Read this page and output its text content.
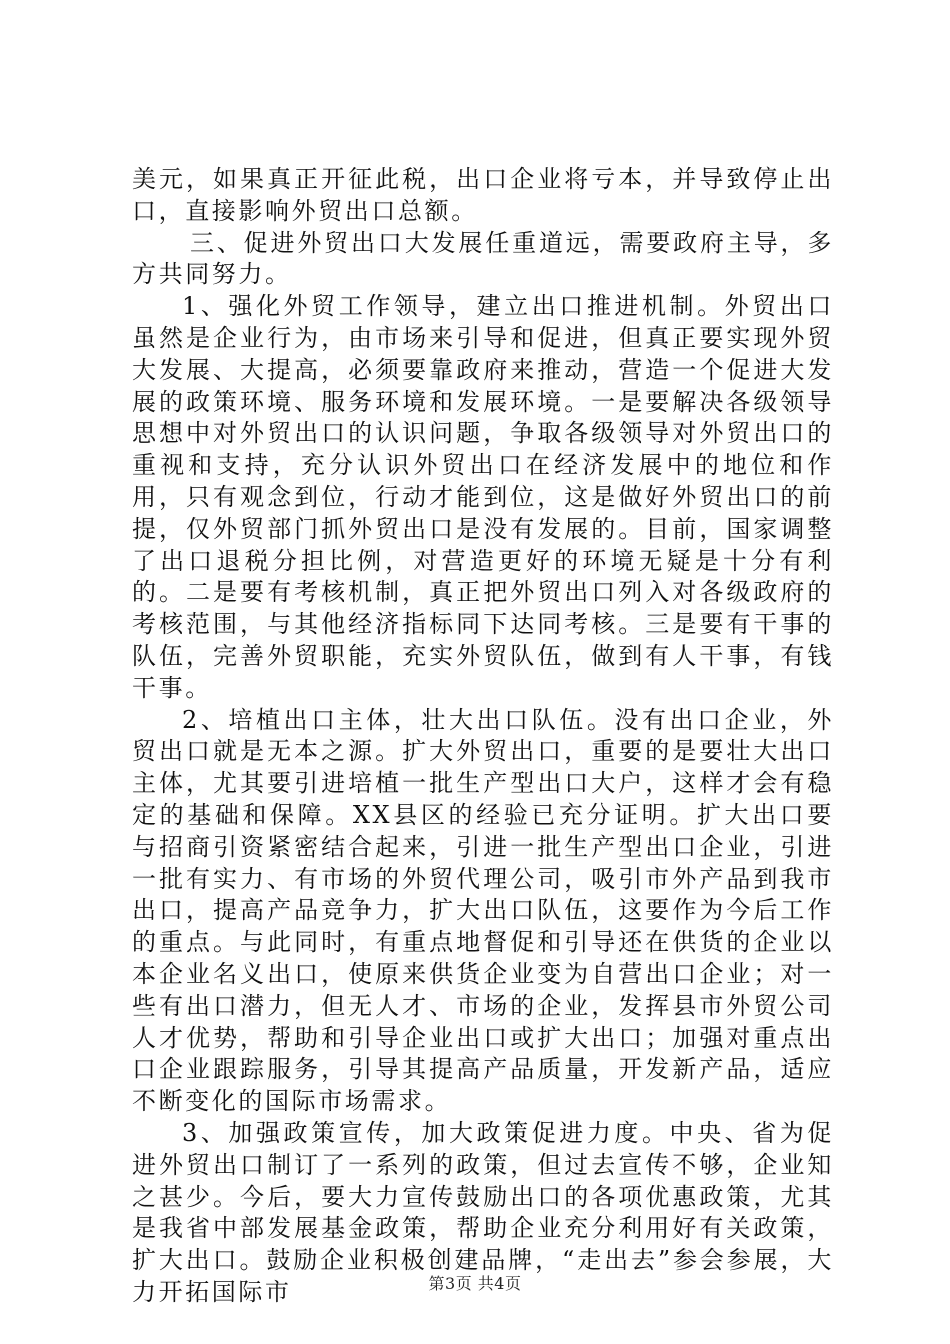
美元，如果真正开征此税，出口企业将亏本，并导致停止出口，直接影响外贸出口总额。

三、促进外贸出口大发展任重道远，需要政府主导，多方共同努力。

1、强化外贸工作领导，建立出口推进机制。外贸出口虽然是企业行为，由市场来引导和促进，但真正要实现外贸大发展、大提高，必须要靠政府来推动，营造一个促进大发展的政策环境、服务环境和发展环境。一是要解决各级领导思想中对外贸出口的认识问题，争取各级领导对外贸出口的重视和支持，充分认识外贸出口在经济发展中的地位和作用，只有观念到位，行动才能到位，这是做好外贸出口的前提，仅外贸部门抓外贸出口是没有发展的。目前，国家调整了出口退税分担比例，对营造更好的环境无疑是十分有利的。二是要有考核机制，真正把外贸出口列入对各级政府的考核范围，与其他经济指标同下达同考核。三是要有干事的队伍，完善外贸职能，充实外贸队伍，做到有人干事，有钱干事。

2、培植出口主体，壮大出口队伍。没有出口企业，外贸出口就是无本之源。扩大外贸出口，重要的是要壮大出口主体，尤其要引进培植一批生产型出口大户，这样才会有稳定的基础和保障。XX县区的经验已充分证明。扩大出口要与招商引资紧密结合起来，引进一批生产型出口企业，引进一批有实力、有市场的外贸代理公司，吸引市外产品到我市出口，提高产品竞争力，扩大出口队伍，这要作为今后工作的重点。与此同时，有重点地督促和引导还在供货的企业以本企业名义出口，使原来供货企业变为自营出口企业；对一些有出口潜力，但无人才、市场的企业，发挥县市外贸公司人才优势，帮助和引导企业出口或扩大出口；加强对重点出口企业跟踪服务，引导其提高产品质量，开发新产品，适应不断变化的国际市场需求。

3、加强政策宣传，加大政策促进力度。中央、省为促进外贸出口制订了一系列的政策，但过去宣传不够，企业知之甚少。今后，要大力宣传鼓励出口的各项优惠政策，尤其是我省中部发展基金政策，帮助企业充分利用好有关政策，扩大出口。鼓励企业积极创建品牌，“走出去”参会参展，大力开拓国际市	第3页 共4页
